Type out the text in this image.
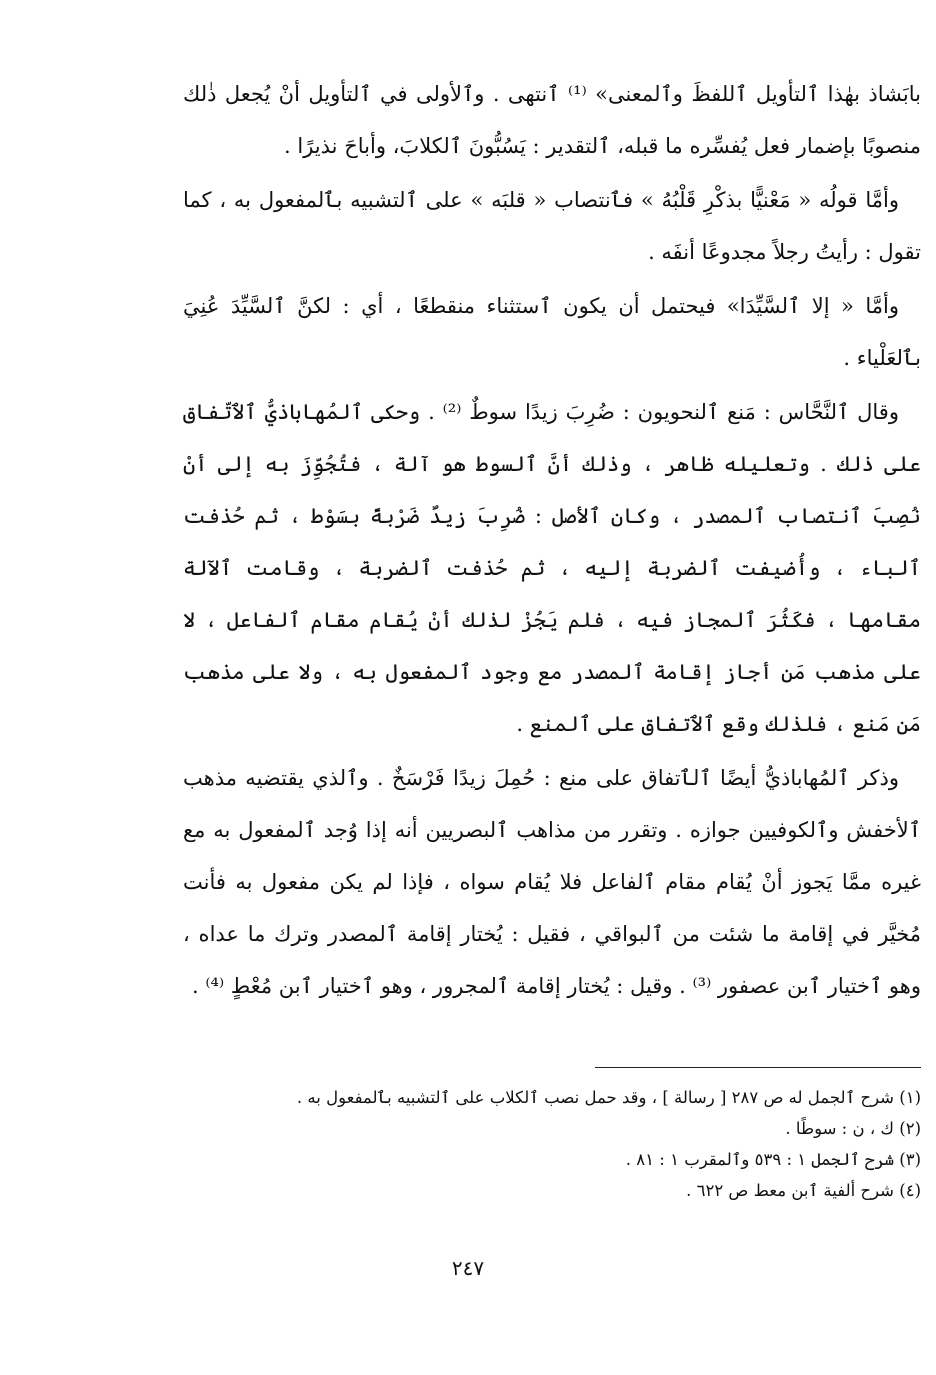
بابَشاذ بهٰذا ٱلتأويل ٱللفظَ وٱلمعنى» ⁽¹⁾ ٱنتهى . وٱلأولى في ٱلتأويل أنْ يُجعل ذٰلك منصوبًا بإضمار فعل يُفسِّره ما قبله، ٱلتقدير : يَسُبُّونَ ٱلكلابَ، وأباحَ نذيرًا .

وأمَّا قولُه « مَعْنيًّا بذكْرِ قَلْبُهُ » فٱنتصاب « قلبَه » على ٱلتشبيه بٱلمفعول به ، كما تقول : رأيتُ رجلاً مجدوعًا أنفَه .

وأمَّا « إلا ٱلسَّيِّدَا» فيحتمل أن يكون ٱستثناء منقطعًا ، أي : لكنَّ ٱلسَّيِّدَ عُنِيَ بٱلعَلْياء .

وقال ٱلنَّحَّاس : مَنع ٱلنحويون : ضُرِبَ زيدًا سوطٌ ⁽²⁾ . وحكى ٱلمُهاباذيُّ ٱلٱتّفاق على ذٰلك . وتعليله ظاهر ، وذٰلك أنَّ ٱلسوط هو آلة ، فتُجُوِّزَ به إلى أنْ نُصِبَ ٱنتصاب ٱلمصدر ، وكان ٱلأصل : ضُرِبَ زيدٌ ضَرْبةً بسَوْط ، ثم حُذفت ٱلباء ، وأُضيفت ٱلضربة إليه ، ثم حُذفت ٱلضربة ، وقامت ٱلآلة مقامها ، فكَثُرَ ٱلمجاز فيه ، فلم يَجُزْ لذٰلك أنْ يُقام مقام ٱلفاعل ، لا على مذهب مَن أجاز إقامة ٱلمصدر مع وجود ٱلمفعول به ، ولا على مذهب مَن مَنع ، فلذٰلك وقع ٱلٱتفاق على ٱلمنع .

وذكر ٱلمُهاباذيُّ أيضًا ٱلٱتفاق على منع : حُمِلَ زيدًا فَرْسَخٌ . وٱلذي يقتضيه مذهب ٱلأخفش وٱلكوفيين جوازه . وتقرر من مذاهب ٱلبصريين أنه إذا وُجد ٱلمفعول به مع غيره ممَّا يَجوز أنْ يُقام مقام ٱلفاعل فلا يُقام سواه ، فإذا لم يكن مفعول به فأنت مُخيَّر في إقامة ما شئت من ٱلبواقي ، فقيل : يُختار إقامة ٱلمصدر وترك ما عداه ، وهو ٱختيار ٱبن عصفور ⁽³⁾ . وقيل : يُختار إقامة ٱلمجرور ، وهو ٱختيار ٱبن مُعْطٍ ⁽⁴⁾ .

(١) شرح ٱلجمل له ص ٢٨٧ [ رسالة ] ، وقد حمل نصب ٱلكلاب على ٱلتشبيه بٱلمفعول به .
(٢) ك ، ن : سوطًا .
(٣) شرح ٱلجمل ١ : ٥٣٩ وٱلمقرب ١ : ٨١ .
(٤) شرح ألفية ٱبن معط ص ٦٢٢ .
٢٤٧
